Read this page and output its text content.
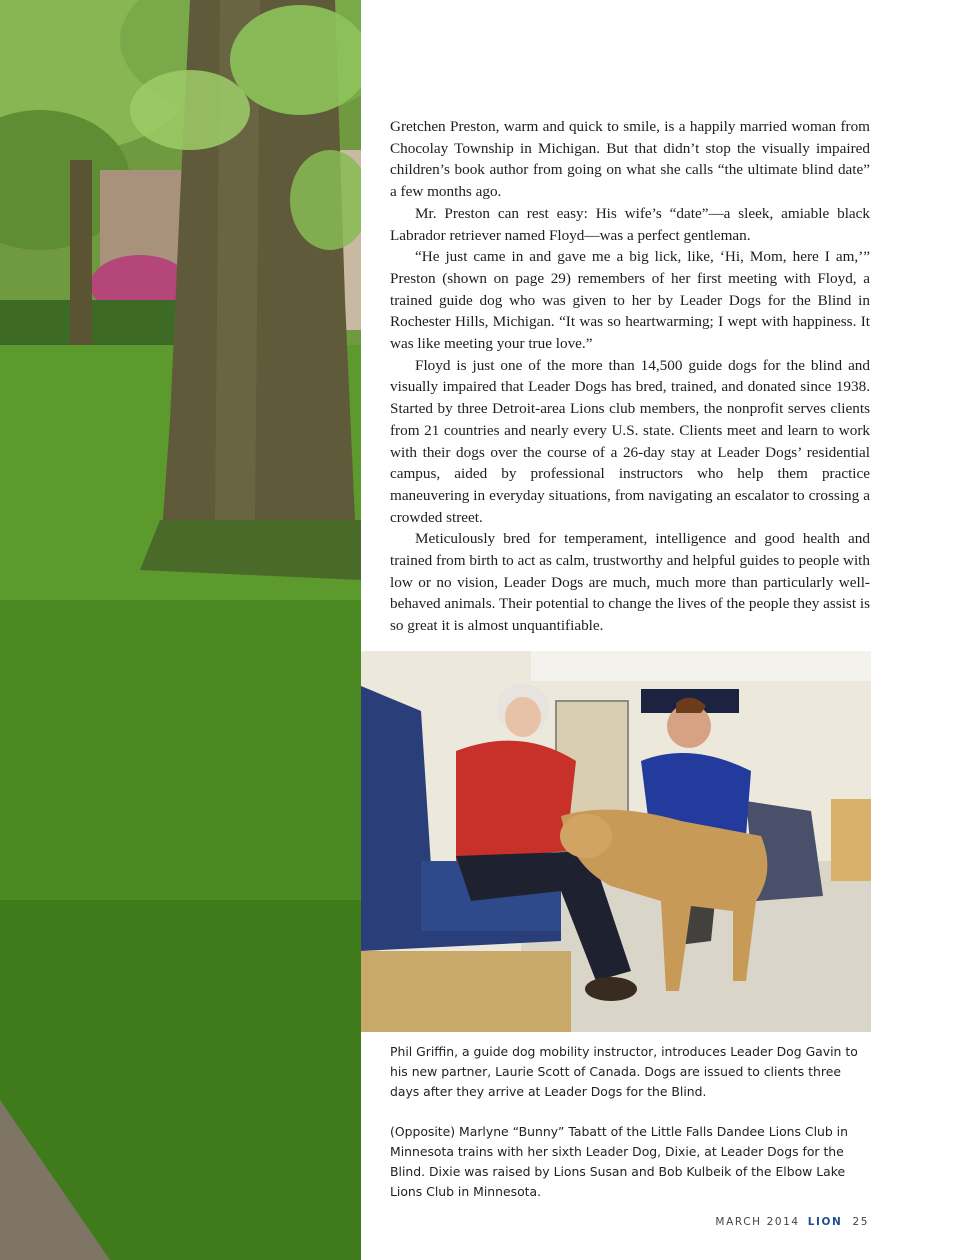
Gretchen Preston, warm and quick to smile, is a happily married woman from Chocolay Township in Michigan. But that didn’t stop the visually impaired children’s book author from going on what she calls “the ultimate blind date” a few months ago.

Mr. Preston can rest easy: His wife’s “date”—a sleek, amiable black Labrador retriever named Floyd—was a perfect gentleman.

“He just came in and gave me a big lick, like, ‘Hi, Mom, here I am,’” Preston (shown on page 29) remembers of her first meeting with Floyd, a trained guide dog who was given to her by Leader Dogs for the Blind in Rochester Hills, Michigan. “It was so heartwarming; I wept with happiness. It was like meeting your true love.”

Floyd is just one of the more than 14,500 guide dogs for the blind and visually impaired that Leader Dogs has bred, trained, and donated since 1938. Started by three Detroit-area Lions club members, the nonprofit serves clients from 21 countries and nearly every U.S. state. Clients meet and learn to work with their dogs over the course of a 26-day stay at Leader Dogs’ residential campus, aided by professional instructors who help them practice maneuvering in everyday situations, from navigating an escalator to crossing a crowded street.

Meticulously bred for temperament, intelligence and good health and trained from birth to act as calm, trustworthy and helpful guides to people with low or no vision, Leader Dogs are much, much more than particularly well-behaved animals. Their potential to change the lives of the people they assist is so great it is almost unquantifiable.

Phil Griffin, a guide dog mobility instructor, introduces Leader Dog Gavin to his new partner, Laurie Scott of Canada. Dogs are issued to clients three days after they arrive at Leader Dogs for the Blind.

(Opposite) Marlyne “Bunny” Tabatt of the Little Falls Dandee Lions Club in Minnesota trains with her sixth Leader Dog, Dixie, at Leader Dogs for the Blind. Dixie was raised by Lions Susan and Bob Kulbeik of the Elbow Lake Lions Club in Minnesota.

MARCH 2014 LION 25
